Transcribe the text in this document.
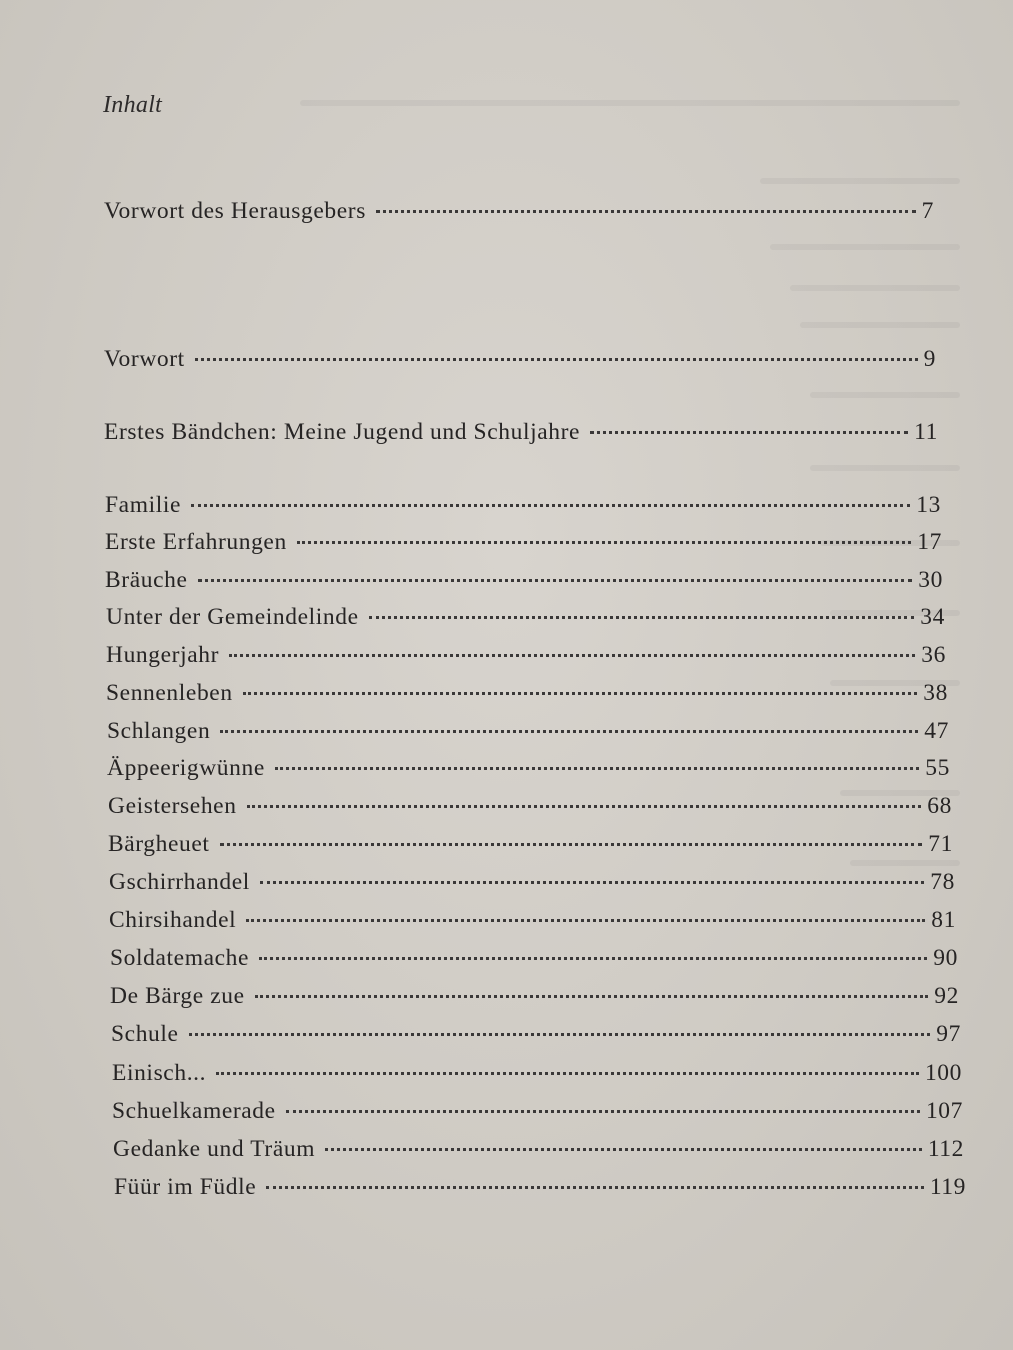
Inhalt
Vorwort des Herausgebers	7
Vorwort	9
Erstes Bändchen: Meine Jugend und Schuljahre	11
Familie	13
Erste Erfahrungen	17
Bräuche	30
Unter der Gemeindelinde	34
Hungerjahr	36
Sennenleben	38
Schlangen	47
Äppeerigwünne	55
Geistersehen	68
Bärgheuet	71
Gschirrhandel	78
Chirsihandel	81
Soldatemache	90
De Bärge zue	92
Schule	97
Einisch...	100
Schuelkamerade	107
Gedanke und Träum	112
Füür im Füdle	119
